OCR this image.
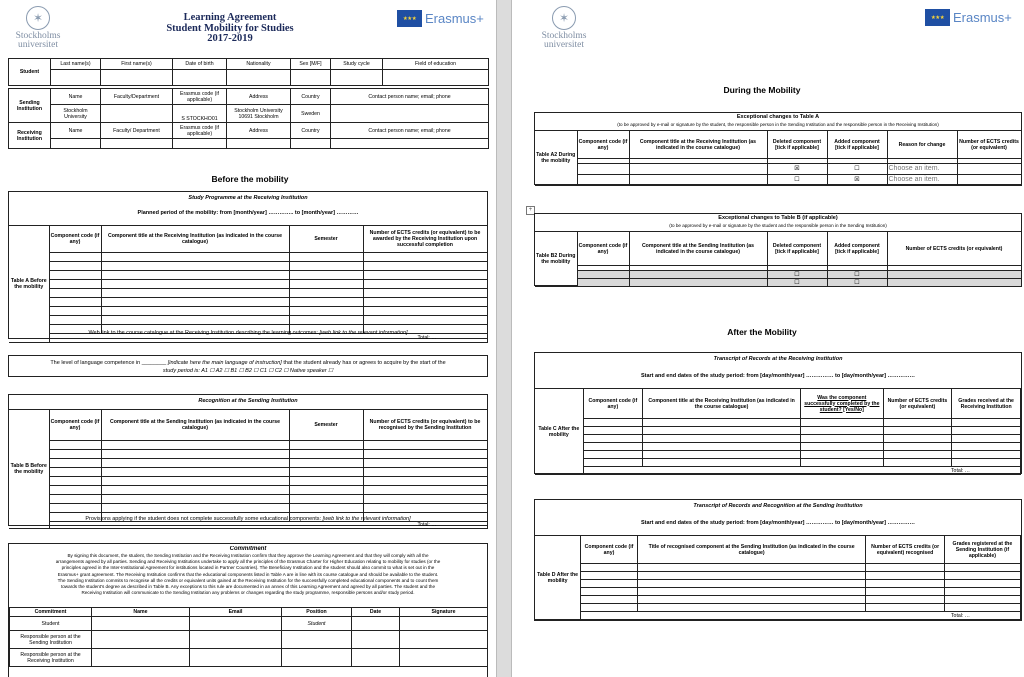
✶
Stockholms
universitet
Learning Agreement
Student Mobility for Studies
2017-2019
★★★ Erasmus+
Student	Last name(s)	First name(s)	Date of birth	Nationality	Sex [M/F]	Study cycle	Field of education

Sending Institution	Name	Faculty/Department	Erasmus code (if applicable)	Address	Country	Contact person name; email; phone	
	Stockholm University		S STOCKHO01	Stockholm University 10691 Stockholm	Sweden		
Receiving Institution	Name	Faculty/ Department	Erasmus code (if applicable)	Address	Country	Contact person name; email; phone	

Before the mobility
Study Programme at the Receiving Institution
Planned period of the mobility: from [month/year] ………….. to [month/year] …………
Table A Before the mobility	Component code (if any)	Component title at the Receiving Institution (as indicated in the course catalogue)	Semester	Number of ECTS credits (or equivalent) to be awarded by the Receiving Institution upon successful completion

	Total: …			
Web link to the course catalogue at the Receiving Institution describing the learning outcomes: [web link to the relevant information]
The level of language competence in ________ [indicate here the main language of instruction] that the student already has or agrees to acquire by the start of the
study period is: A1 ☐ A2 ☐ B1 ☐ B2 ☐ C1 ☐ C2 ☐ Native speaker ☐
Recognition at the Sending Institution
Table B Before the mobility	Component code (if any)	Component title at the Sending Institution (as indicated in the course catalogue)	Semester	Number of ECTS credits (or equivalent) to be recognised by the Sending Institution

	Total: …			
Provisions applying if the student does not complete successfully some educational components: [web link to the relevant information]
Commitment
By signing this document, the student, the Sending Institution and the Receiving Institution confirm that they approve the Learning Agreement and that they will comply with all the
arrangements agreed by all parties. Sending and Receiving Institutions undertake to apply all the principles of the Erasmus Charter for Higher Education relating to mobility for studies (or the
principles agreed in the Inter-Institutional Agreement for institutions located in Partner Countries). The Beneficiary Institution and the student should also commit to what is set out in the
Erasmus+ grant agreement. The Receiving Institution confirms that the educational components listed in Table A are in line with its course catalogue and should be available to the student.
The Sending Institution commits to recognise all the credits or equivalent units gained at the Receiving Institution for the successfully completed educational components and to count them
towards the student's degree as described in Table B. Any exceptions to this rule are documented in an annex of this Learning Agreement and agreed by all parties. The student and the
Receiving Institution will communicate to the Sending Institution any problems or changes regarding the study programme, responsible persons and/or study period.
Commitment	Name	Email	Position	Date	Signature
Student			Student		
Responsible person at the Sending Institution					
Responsible person at the Receiving Institution					
✶
Stockholms
universitet
★★★ Erasmus+
During the Mobility
Exceptional changes to Table A
(to be approved by e-mail or signature by the student, the responsible person in the Sending Institution and the responsible person in the Receiving Institution)
Table A2 During the mobility	Component code (if any)	Component title at the Receiving Institution (as indicated in the course catalogue)	Deleted component [tick if applicable]	Added component [tick if applicable]	Reason for change	Number of ECTS credits (or equivalent)

			☒	☐	Choose an item.	
			☐	☒	Choose an item.	
+
Exceptional changes to Table B (if applicable)
(to be approved by e-mail or signature by the student and the responsible person in the Sending Institution)
Table B2 During the mobility	Component code (if any)	Component title at the Sending Institution (as indicated in the course catalogue)	Deleted component [tick if applicable]	Added component [tick if applicable]	Number of ECTS credits (or equivalent)

			☐	☐	
			☐	☐	
After the Mobility
Transcript of Records at the Receiving Institution
Start and end dates of the study period: from [day/month/year] …………… to [day/month/year] ……………
Table C After the mobility	Component code (if any)	Component title at the Receiving Institution (as indicated in the course catalogue)	Was the component successfully completed by the student? [Yes/No]	Number of ECTS credits (or equivalent)	Grades received at the Receiving Institution

	Total: …				
Transcript of Records and Recognition at the Sending Institution
Start and end dates of the study period: from [day/month/year] …………… to [day/month/year] ……………
Table D After the mobility	Component code (if any)	Title of recognised component at the Sending Institution (as indicated in the course catalogue)	Number of ECTS credits (or equivalent) recognised	Grades registered at the Sending Institution (if applicable)

	Total: …			
